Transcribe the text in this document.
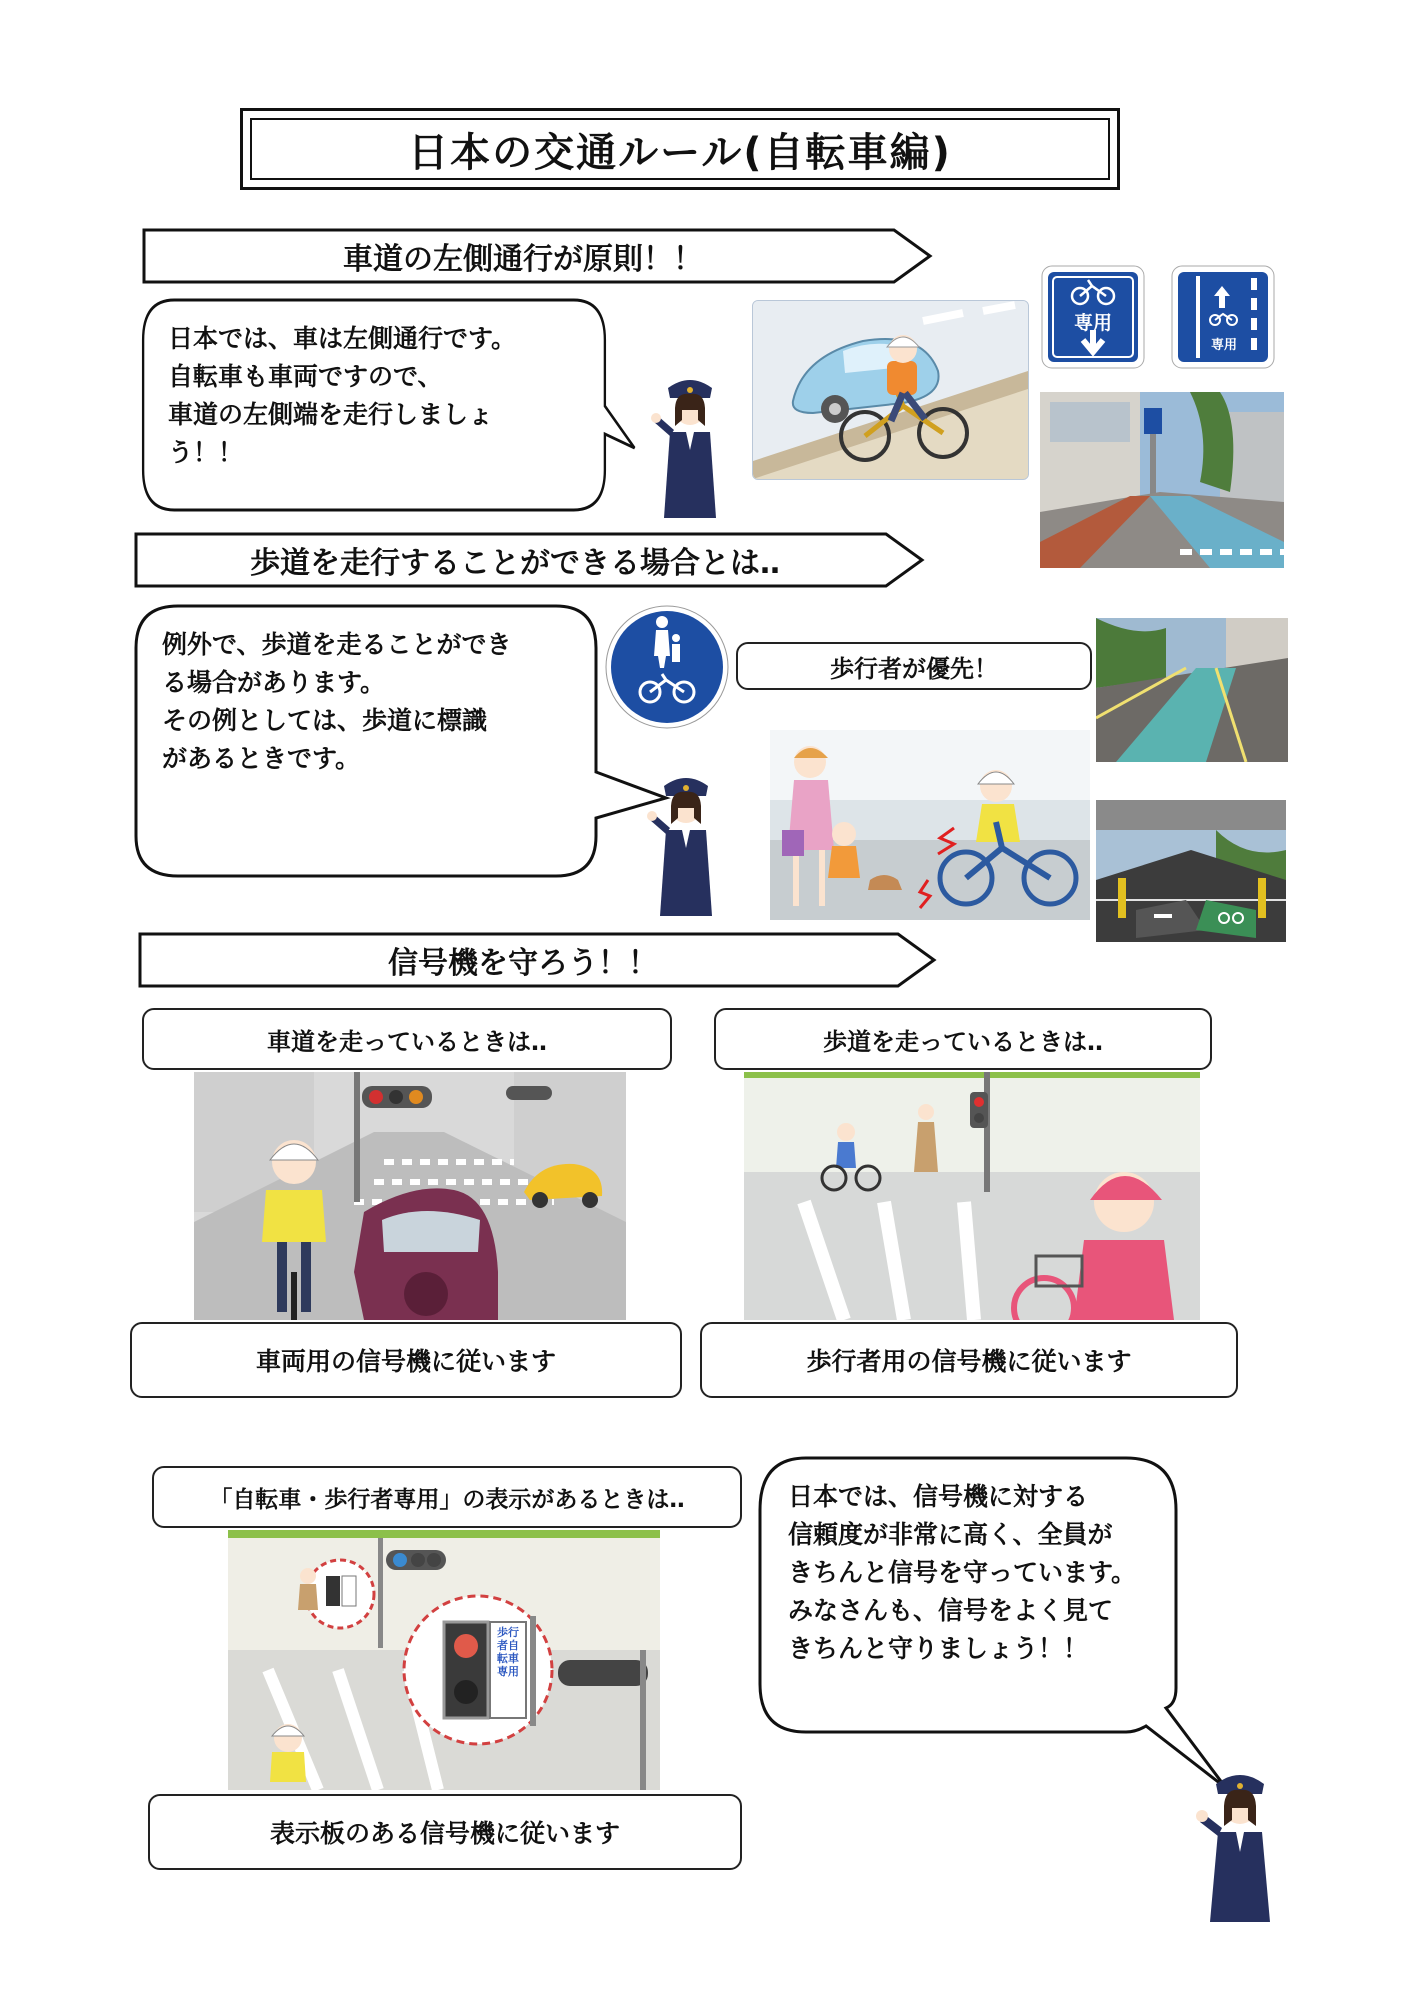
日本の交通ルール(自転車編)
車道の左側通行が原則！！
日本では、車は左側通行です。
自転車も車両ですので、
車道の左側端を走行しましょ
う！！
専用
専用
歩道を走行することができる場合とは‥
例外で、歩道を走ることができ
る場合があります。
その例としては、歩道に標識
があるときです。
歩行者が優先！
信号機を守ろう！！
車道を走っているときは‥	歩道を走っているときは‥
車両用の信号機に従います	歩行者用の信号機に従います
「自転車・歩行者専用」の表示があるときは‥
歩行者自転車専用
表示板のある信号機に従います
日本では、信号機に対する
信頼度が非常に高く、全員が
きちんと信号を守っています。
みなさんも、信号をよく見て
きちんと守りましょう！！
